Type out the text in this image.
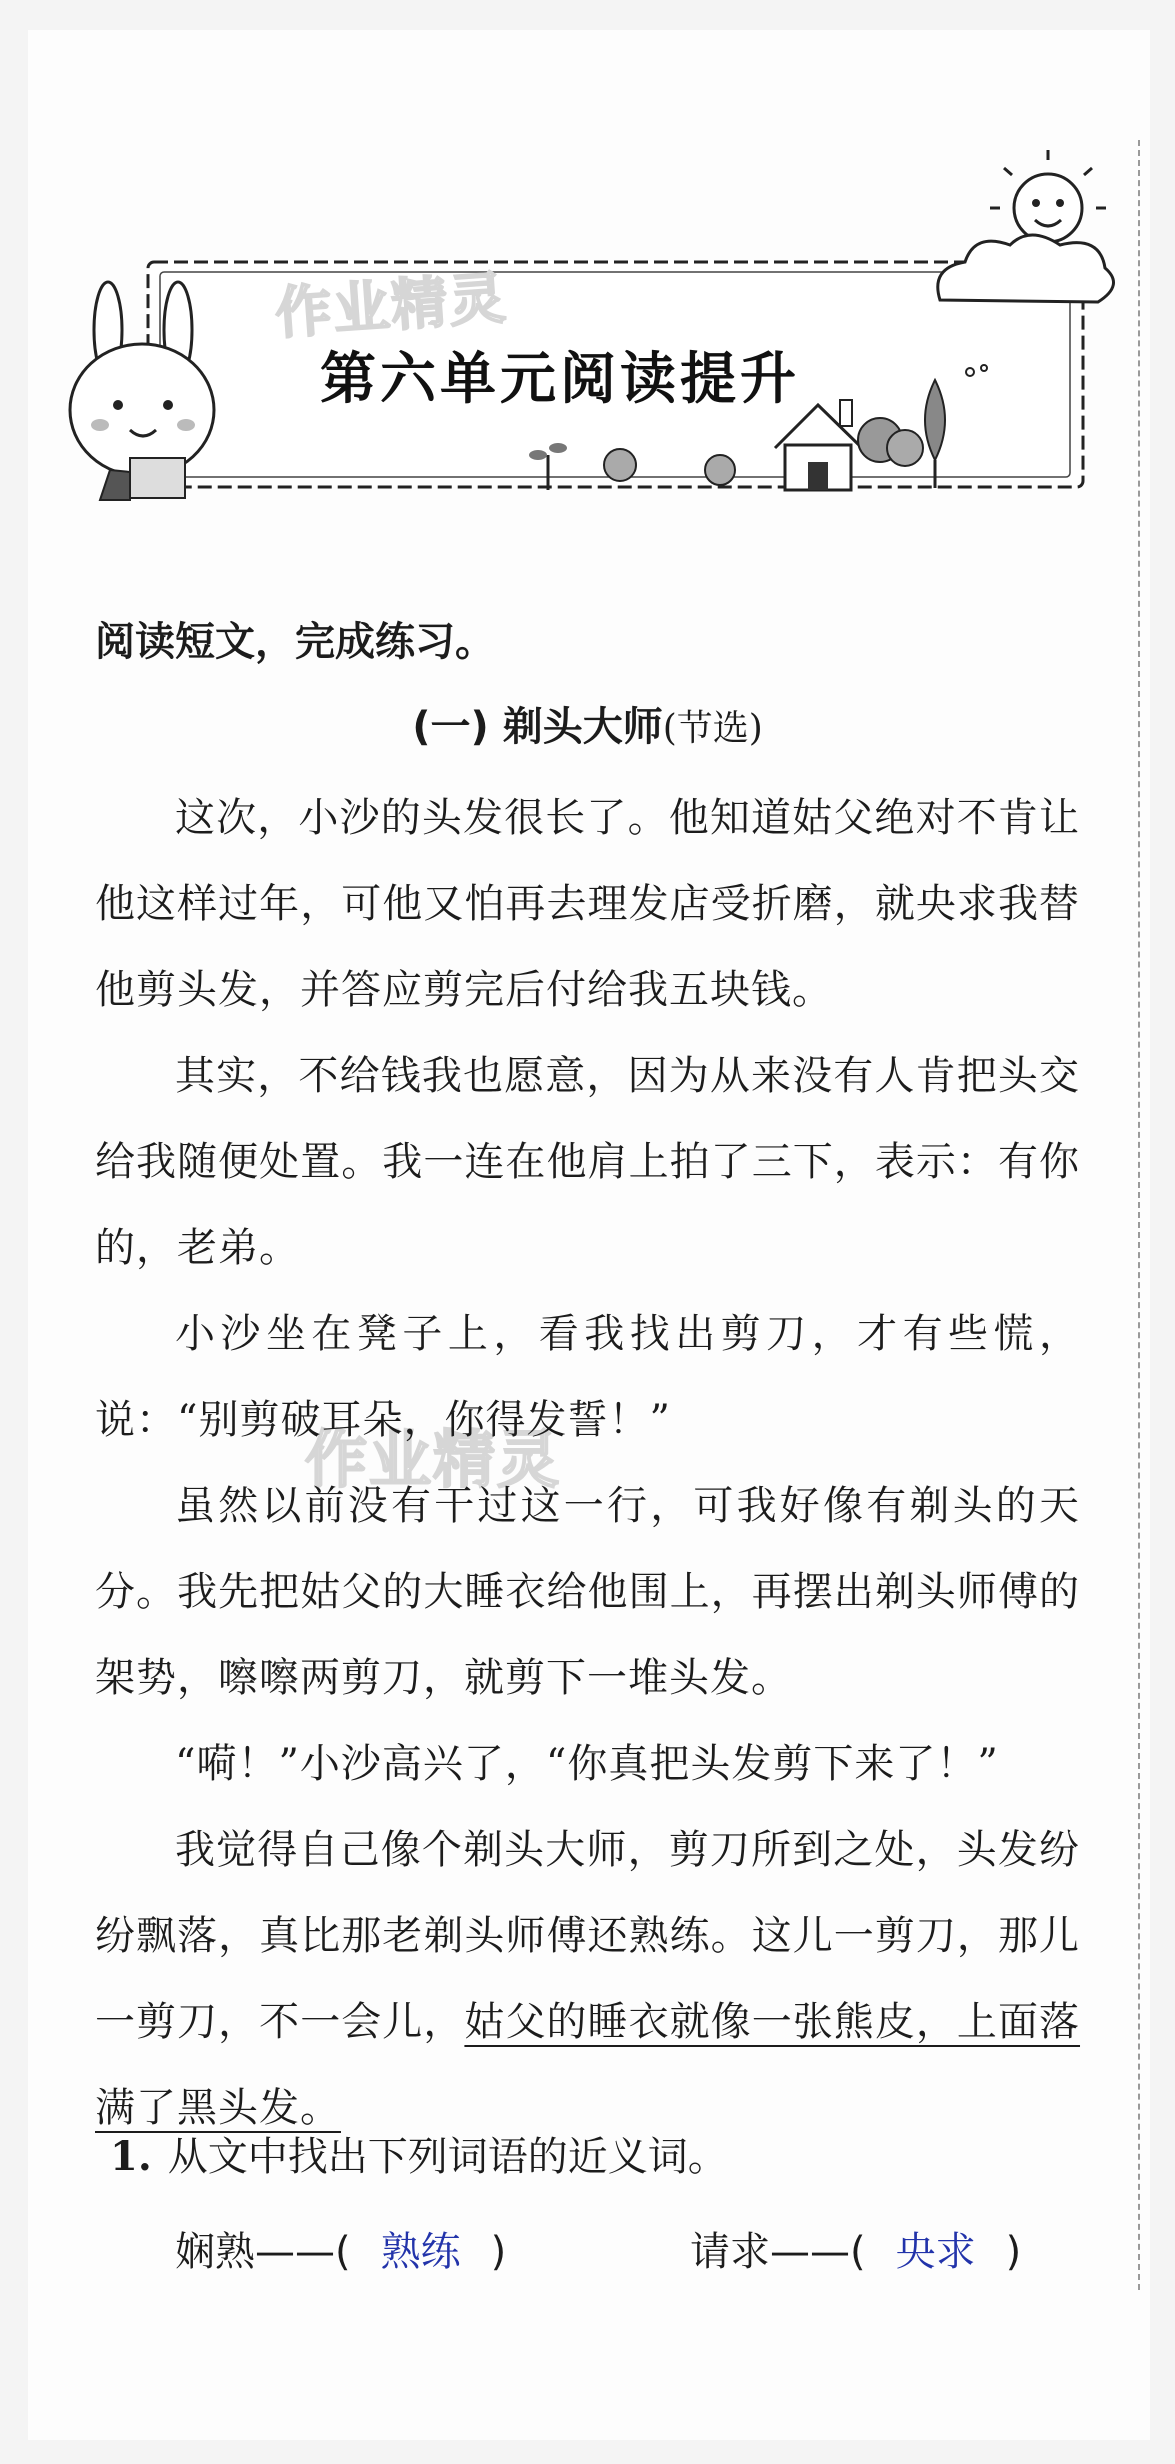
作业精灵
第六单元阅读提升
作业精灵
阅读短文，完成练习。
(一) 剃头大师(节选)

这次，小沙的头发很长了。他知道姑父绝对不肯让他这样过年，可他又怕再去理发店受折磨，就央求我替他剪头发，并答应剪完后付给我五块钱。

其实，不给钱我也愿意，因为从来没有人肯把头交给我随便处置。我一连在他肩上拍了三下，表示：有你的，老弟。

小沙坐在凳子上，看我找出剪刀，才有些慌，说：“别剪破耳朵，你得发誓！”

虽然以前没有干过这一行，可我好像有剃头的天分。我先把姑父的大睡衣给他围上，再摆出剃头师傅的架势，嚓嚓两剪刀，就剪下一堆头发。

“嗬！”小沙高兴了，“你真把头发剪下来了！”

我觉得自己像个剃头大师，剪刀所到之处，头发纷纷飘落，真比那老剃头师傅还熟练。这儿一剪刀，那儿一剪刀，不一会儿，姑父的睡衣就像一张熊皮，上面落满了黑头发。

1. 从文中找出下列词语的近义词。
娴熟——( 熟练 )	请求——( 央求 )
